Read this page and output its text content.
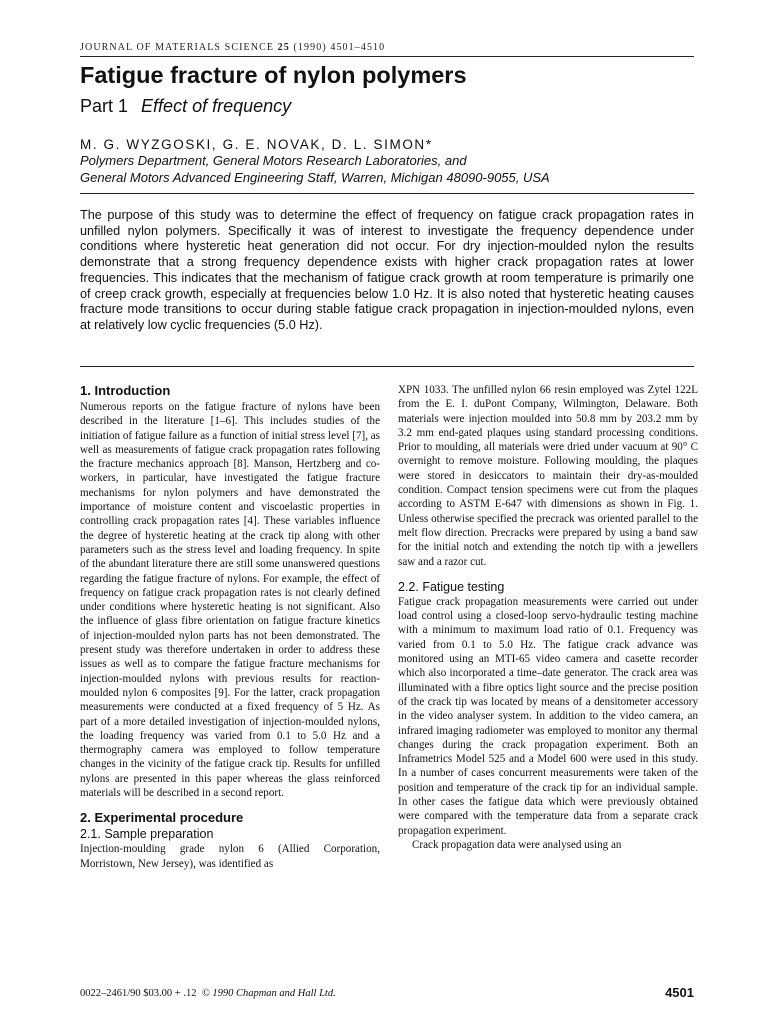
JOURNAL OF MATERIALS SCIENCE 25 (1990) 4501–4510
Fatigue fracture of nylon polymers
Part 1 Effect of frequency
M. G. WYZGOSKI, G. E. NOVAK, D. L. SIMON*
Polymers Department, General Motors Research Laboratories, and
General Motors Advanced Engineering Staff, Warren, Michigan 48090-9055, USA
The purpose of this study was to determine the effect of frequency on fatigue crack propagation rates in unfilled nylon polymers. Specifically it was of interest to investigate the frequency dependence under conditions where hysteretic heat generation did not occur. For dry injection-moulded nylon the results demonstrate that a strong frequency dependence exists with higher crack propagation rates at lower frequencies. This indicates that the mechanism of fatigue crack growth at room temperature is primarily one of creep crack growth, especially at frequencies below 1.0 Hz. It is also noted that hysteretic heating causes fracture mode transitions to occur during stable fatigue crack propagation in injection-moulded nylons, even at relatively low cyclic frequencies (5.0 Hz).
1. Introduction

Numerous reports on the fatigue fracture of nylons have been described in the literature [1–6]. This includes studies of the initiation of fatigue failure as a function of initial stress level [7], as well as measurements of fatigue crack propagation rates following the fracture mechanics approach [8]. Manson, Hertzberg and co-workers, in particular, have investigated the fatigue fracture mechanisms for nylon polymers and have demonstrated the importance of moisture content and viscoelastic properties in controlling crack propagation rates [4]. These variables influence the degree of hysteretic heating at the crack tip along with other parameters such as the stress level and loading frequency. In spite of the abundant literature there are still some unanswered questions regarding the fatigue fracture of nylons. For example, the effect of frequency on fatigue crack propagation rates is not clearly defined under conditions where hysteretic heating is not significant. Also the influence of glass fibre orientation on fatigue fracture kinetics of injection-moulded nylon parts has not been demonstrated. The present study was therefore undertaken in order to address these issues as well as to compare the fatigue fracture mechanisms for injection-moulded nylons with previous results for reaction-moulded nylon 6 composites [9]. For the latter, crack propagation measurements were conducted at a fixed frequency of 5 Hz. As part of a more detailed investigation of injection-moulded nylons, the loading frequency was varied from 0.1 to 5.0 Hz and a thermography camera was employed to follow temperature changes in the vicinity of the fatigue crack tip. Results for unfilled nylons are presented in this paper whereas the glass reinforced materials will be described in a second report.

2. Experimental procedure
2.1. Sample preparation

Injection-moulding grade nylon 6 (Allied Corporation, Morristown, New Jersey), was identified as

XPN 1033. The unfilled nylon 66 resin employed was Zytel 122L from the E. I. duPont Company, Wilmington, Delaware. Both materials were injection moulded into 50.8 mm by 203.2 mm by 3.2 mm end-gated plaques using standard processing conditions. Prior to moulding, all materials were dried under vacuum at 90° C overnight to remove moisture. Following moulding, the plaques were stored in desiccators to maintain their dry-as-moulded condition. Compact tension specimens were cut from the plaques according to ASTM E-647 with dimensions as shown in Fig. 1. Unless otherwise specified the precrack was oriented parallel to the melt flow direction. Precracks were prepared by using a band saw for the initial notch and extending the notch tip with a jewellers saw and a razor cut.

2.2. Fatigue testing

Fatigue crack propagation measurements were carried out under load control using a closed-loop servo-hydraulic testing machine with a minimum to maximum load ratio of 0.1. Frequency was varied from 0.1 to 5.0 Hz. The fatigue crack advance was monitored using an MTI-65 video camera and casette recorder which also incorporated a time–date generator. The crack area was illuminated with a fibre optics light source and the precise position of the crack tip was located by means of a densitometer accessory in the video analyser system. In addition to the video camera, an infrared imaging radiometer was employed to monitor any thermal changes during the crack propagation experiment. Both an Inframetrics Model 525 and a Model 600 were used in this study. In a number of cases concurrent measurements were taken of the position and temperature of the crack tip for an individual sample. In other cases the fatigue data which were previously obtained were compared with the temperature data from a separate crack propagation experiment.

Crack propagation data were analysed using an

0022–2461/90 $03.00 + .12 © 1990 Chapman and Hall Ltd.	4501
